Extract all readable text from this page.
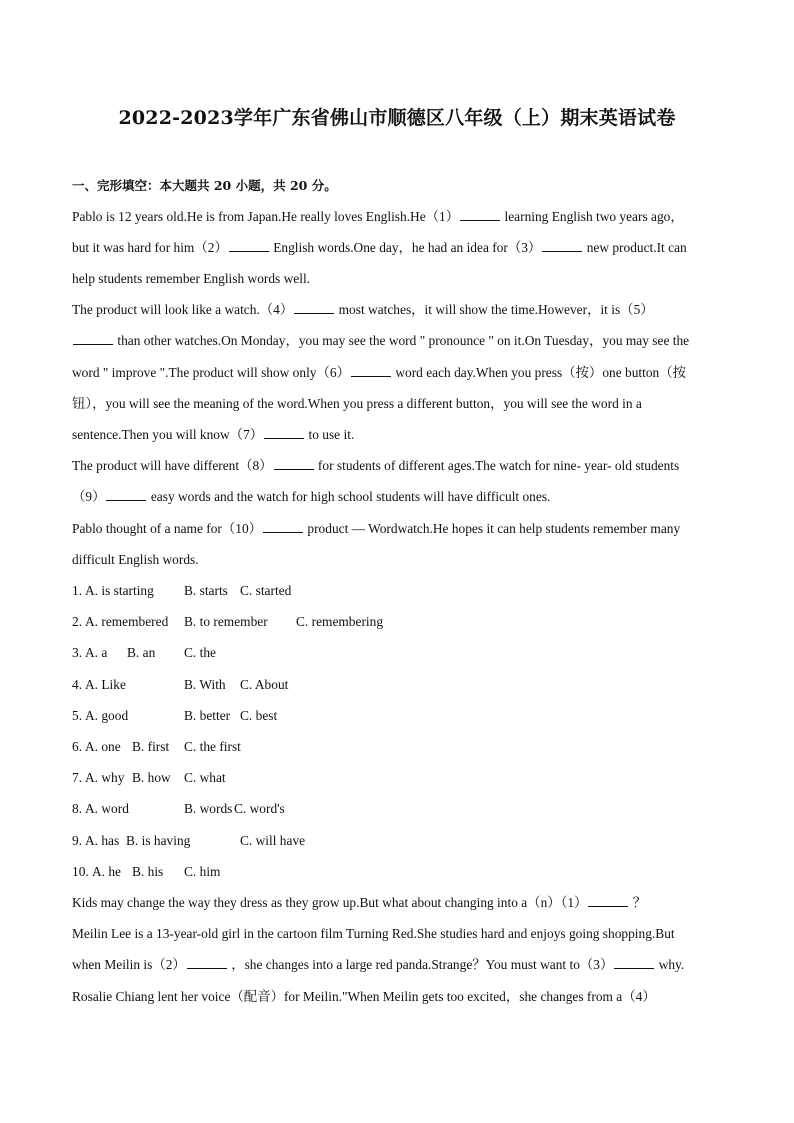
2022-2023学年广东省佛山市顺德区八年级（上）期末英语试卷
一、完形填空：本大题共 20 小题，共 20 分。
Pablo is 12 years old.He is from Japan.He really loves English.He（1）	learning English two years ago，
but it was hard for him（2）	English words.One day，he had an idea for（3）	new product.It can
help students remember English words well.
The product will look like a watch.（4）	most watches，it will show the time.However，it is（5）
than other watches.On Monday，you may see the word " pronounce " on it.On Tuesday，you may see the
word " improve ".The product will show only（6）	word each day.When you press（按）one button（按
钮），you will see the meaning of the word.When you press a different button，you will see the word in a
sentence.Then you will know（7）	to use it.
The product will have different（8）	for students of different ages.The watch for nine- year- old students
（9）	easy words and the watch for high school students will have difficult ones.
Pablo thought of a name for（10）	product — Wordwatch.He hopes it can help students remember many
difficult English words.
1. A. is starting B. starts C. started
2. A. remembered B. to remember C. remembering
3. A. a B. an C. the
4. A. Like	B. With C. About
5. A. good	B. better C. best
6. A. one B. first C. the first
7. A. why B. how C. what
8. A. word	B. words C. word's
9. A. has B. is having	C. will have
10. A. he B. his C. him
Kids may change the way they dress as they grow up.But what about changing into a（n）（1）	？
Meilin Lee is a 13-year-old girl in the cartoon film Turning Red.She studies hard and enjoys going shopping.But
when Meilin is（2）	，she changes into a large red panda.Strange？You must want to（3）	why.
Rosalie Chiang lent her voice（配音）for Meilin."When Meilin gets too excited，she changes from a（4）
